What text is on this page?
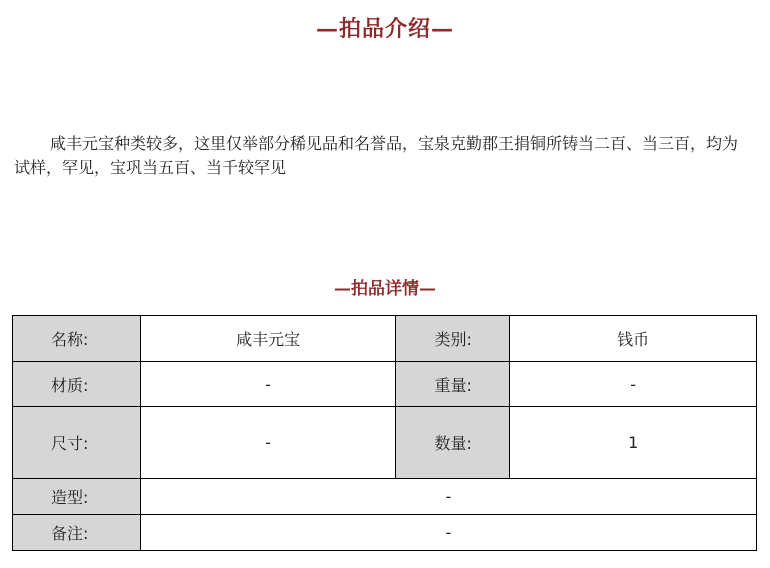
—拍品介绍—
咸丰元宝种类较多，这里仅举部分稀见品和名誉品，宝泉克勤郡王捐铜所铸当二百、当三百，均为试样，罕见，宝巩当五百、当千较罕见
—拍品详情—
名称:	咸丰元宝	类别:	钱币
材质:	-	重量:	-
尺寸:	-	数量:	1
造型:	-		
备注:	-		
